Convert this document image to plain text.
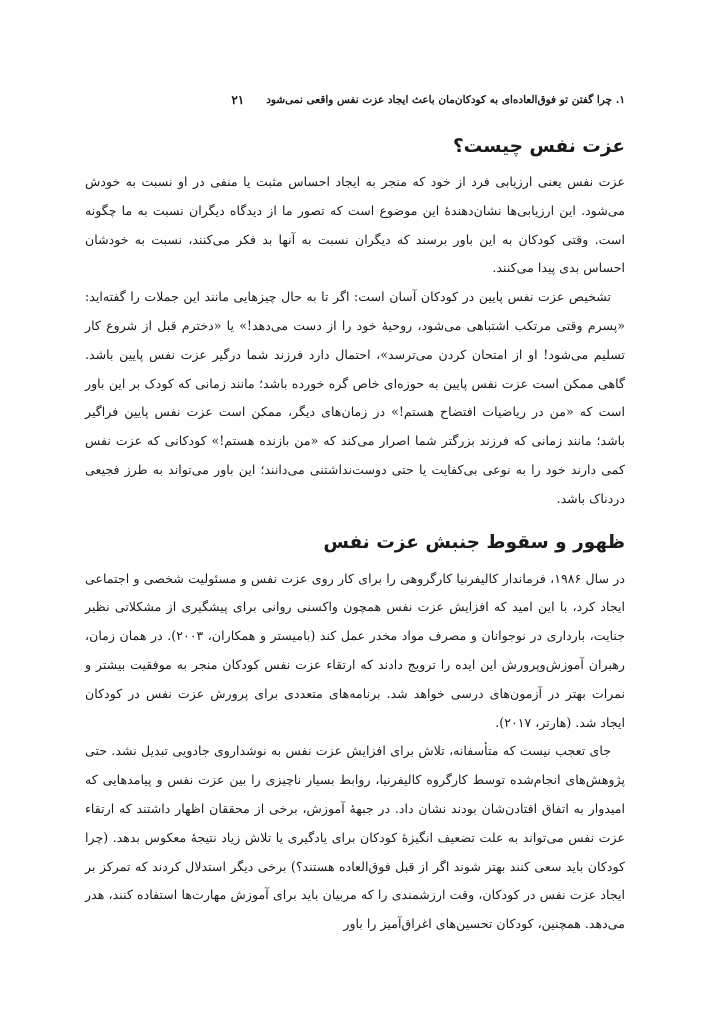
۱. چرا گفتن تو فوق‌العاده‌ای به کودکان‌مان باعث ایجاد عزت نفس واقعی نمی‌شود
۲۱
عزت نفس چیست؟

عزت نفس یعنی ارزیابی فرد از خود که منجر به ایجاد احساس مثبت یا منفی در او نسبت به خودش می‌شود. این ارزیابی‌ها نشان‌دهندهٔ این موضوع است که تصور ما از دیدگاه دیگران نسبت به ما چگونه است. وقتی کودکان به این باور برسند که دیگران نسبت به آنها بد فکر می‌کنند، نسبت به خودشان احساس بدی پیدا می‌کنند.

تشخیص عزت نفس پایین در کودکان آسان است: اگر تا به حال چیزهایی مانند این جملات را گفته‌اید: «پسرم وقتی مرتکب اشتباهی می‌شود، روحیهٔ خود را از دست می‌دهد!» یا «دخترم قبل از شروع کار تسلیم می‌شود! او از امتحان کردن می‌ترسد»، احتمال دارد فرزند شما درگیر عزت نفس پایین باشد. گاهی ممکن است عزت نفس پایین به حوزه‌ای خاص گره خورده باشد؛ مانند زمانی که کودک بر این باور است که «من در ریاضیات افتضاح هستم!» در زمان‌های دیگر، ممکن است عزت نفس پایین فراگیر باشد؛ مانند زمانی که فرزند بزرگتر شما اصرار می‌کند که «من بازنده هستم!» کودکانی که عزت نفس کمی دارند خود را به نوعی بی‌کفایت یا حتی دوست‌نداشتنی می‌دانند؛ این باور می‌تواند به طرز فجیعی دردناک باشد.

ظهور و سقوط جنبش عزت نفس

در سال ۱۹۸۶، فرماندار کالیفرنیا کارگروهی را برای کار روی عزت نفس و مسئولیت شخصی و اجتماعی ایجاد کرد، با این امید که افزایش عزت نفس همچون واکسنی روانی برای پیشگیری از مشکلاتی نظیر جنایت، بارداری در نوجوانان و مصرف مواد مخدر عمل کند (بامیستر و همکاران، ۲۰۰۳). در همان زمان، رهبران آموزش‌وپرورش این ایده را ترویج دادند که ارتقاء عزت نفس کودکان منجر به موفقیت بیشتر و نمرات بهتر در آزمون‌های درسی خواهد شد. برنامه‌های متعددی برای پرورش عزت نفس در کودکان ایجاد شد. (هارتر، ۲۰۱۷).

جای تعجب نیست که متأسفانه، تلاش برای افزایش عزت نفس به نوشداروی جادویی تبدیل نشد. حتی پژوهش‌های انجام‌شده توسط کارگروه کالیفرنیا، روابط بسیار ناچیزی را بین عزت نفس و پیامدهایی که امیدوار به اتفاق افتادن‌شان بودند نشان داد. در جبههٔ آموزش، برخی از محققان اظهار داشتند که ارتقاء عزت نفس می‌تواند به علت تضعیف انگیزهٔ کودکان برای یادگیری یا تلاش زیاد نتیجهٔ معکوس بدهد. (چرا کودکان باید سعی کنند بهتر شوند اگر از قبل فوق‌العاده هستند؟) برخی دیگر استدلال کردند که تمرکز بر ایجاد عزت نفس در کودکان، وقت ارزشمندی را که مربیان باید برای آموزش مهارت‌ها استفاده کنند، هدر می‌دهد. همچنین، کودکان تحسین‌های اغراق‌آمیز را باور
